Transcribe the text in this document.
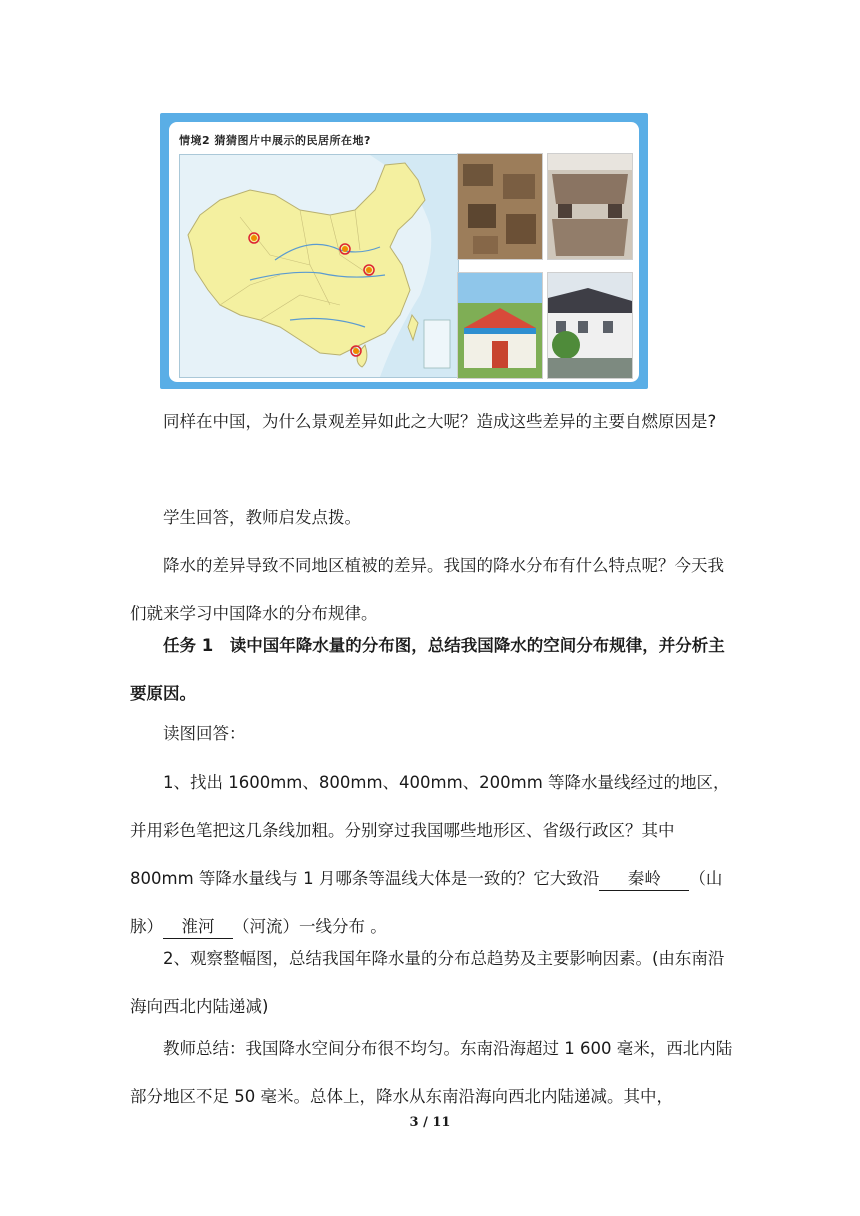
情境2 猜猜图片中展示的民居所在地?
同样在中国，为什么景观差异如此之大呢？造成这些差异的主要自燃原因是?
学生回答，教师启发点拨。
降水的差异导致不同地区植被的差异。我国的降水分布有什么特点呢？今天我们就来学习中国降水的分布规律。
任务 1　读中国年降水量的分布图，总结我国降水的空间分布规律，并分析主要原因。
读图回答：
1、找出 1600mm、800mm、400mm、200mm 等降水量线经过的地区，并用彩色笔把这几条线加粗。分别穿过我国哪些地形区、省级行政区？其中 800mm 等降水量线与 1 月哪条等温线大体是一致的？它大致沿 秦岭 （山脉） 淮河 （河流）一线分布 。
2、观察整幅图，总结我国年降水量的分布总趋势及主要影响因素。(由东南沿海向西北内陆递减)
教师总结：我国降水空间分布很不均匀。东南沿海超过 1 600 毫米，西北内陆部分地区不足 50 毫米。总体上，降水从东南沿海向西北内陆递减。其中，
3 / 11
